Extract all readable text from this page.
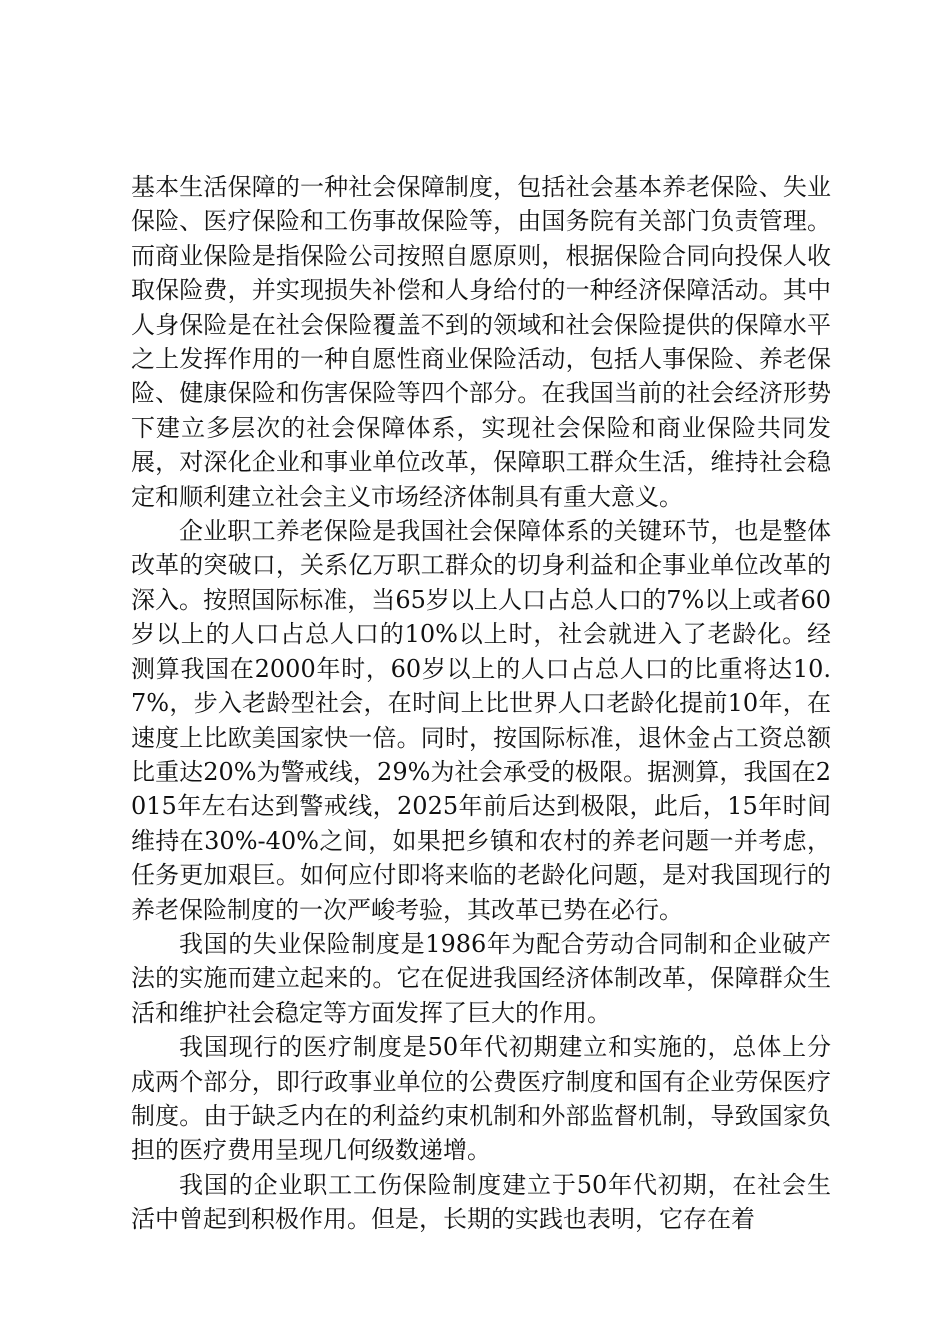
基本生活保障的一种社会保障制度，包括社会基本养老保险、失业保险、医疗保险和工伤事故保险等，由国务院有关部门负责管理。而商业保险是指保险公司按照自愿原则，根据保险合同向投保人收取保险费，并实现损失补偿和人身给付的一种经济保障活动。其中人身保险是在社会保险覆盖不到的领域和社会保险提供的保障水平之上发挥作用的一种自愿性商业保险活动，包括人事保险、养老保险、健康保险和伤害保险等四个部分。在我国当前的社会经济形势下建立多层次的社会保障体系，实现社会保险和商业保险共同发展，对深化企业和事业单位改革，保障职工群众生活，维持社会稳定和顺利建立社会主义市场经济体制具有重大意义。

企业职工养老保险是我国社会保障体系的关键环节，也是整体改革的突破口，关系亿万职工群众的切身利益和企事业单位改革的深入。按照国际标准，当65岁以上人口占总人口的7%以上或者60岁以上的人口占总人口的10%以上时，社会就进入了老龄化。经测算我国在2000年时，60岁以上的人口占总人口的比重将达10.7%，步入老龄型社会，在时间上比世界人口老龄化提前10年，在速度上比欧美国家快一倍。同时，按国际标准，退休金占工资总额比重达20%为警戒线，29%为社会承受的极限。据测算，我国在2015年左右达到警戒线，2025年前后达到极限，此后，15年时间维持在30%-40%之间，如果把乡镇和农村的养老问题一并考虑，任务更加艰巨。如何应付即将来临的老龄化问题，是对我国现行的养老保险制度的一次严峻考验，其改革已势在必行。

我国的失业保险制度是1986年为配合劳动合同制和企业破产法的实施而建立起来的。它在促进我国经济体制改革，保障群众生活和维护社会稳定等方面发挥了巨大的作用。

我国现行的医疗制度是50年代初期建立和实施的，总体上分成两个部分，即行政事业单位的公费医疗制度和国有企业劳保医疗制度。由于缺乏内在的利益约束机制和外部监督机制，导致国家负担的医疗费用呈现几何级数递增。

我国的企业职工工伤保险制度建立于50年代初期，在社会生活中曾起到积极作用。但是，长期的实践也表明，它存在着
